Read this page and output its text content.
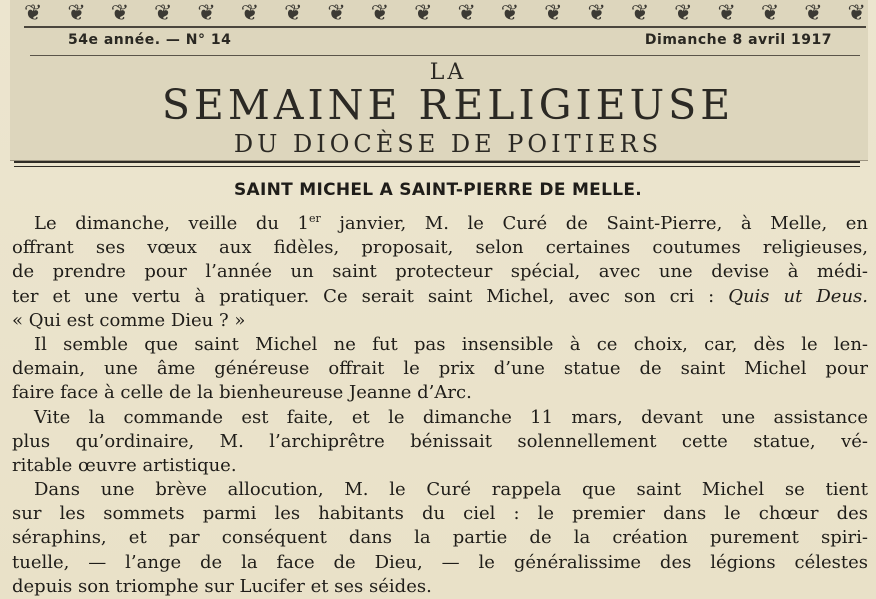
❦ ❦ ❦ ❦ ❦ ❦ ❦ ❦ ❦ ❦ ❦ ❦ ❦ ❦ ❦ ❦ ❦ ❦ ❦ ❦
54e année. — N° 14	Dimanche 8 avril 1917
LA
SEMAINE RELIGIEUSE
DU DIOCÈSE DE POITIERS
SAINT MICHEL A SAINT-PIERRE DE MELLE.
Le dimanche, veille du 1er janvier, M. le Curé de Saint-Pierre, à Melle, en
offrant ses vœux aux fidèles, proposait, selon certaines coutumes religieuses,
de prendre pour l’année un saint protecteur spécial, avec une devise à médi-
ter et une vertu à pratiquer. Ce serait saint Michel, avec son cri : Quis ut Deus.
« Qui est comme Dieu ? »
Il semble que saint Michel ne fut pas insensible à ce choix, car, dès le len-
demain, une âme généreuse offrait le prix d’une statue de saint Michel pour
faire face à celle de la bienheureuse Jeanne d’Arc.
Vite la commande est faite, et le dimanche 11 mars, devant une assistance
plus qu’ordinaire, M. l’archiprêtre bénissait solennellement cette statue, vé-
ritable œuvre artistique.
Dans une brève allocution, M. le Curé rappela que saint Michel se tient
sur les sommets parmi les habitants du ciel : le premier dans le chœur des
séraphins, et par conséquent dans la partie de la création purement spiri-
tuelle, — l’ange de la face de Dieu, — le généralissime des légions célestes
depuis son triomphe sur Lucifer et ses séides.
